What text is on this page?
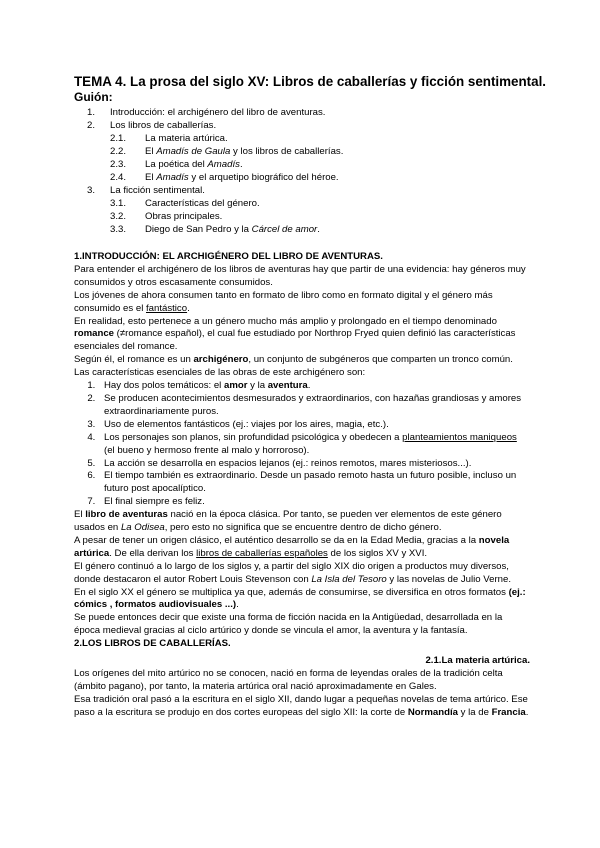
TEMA 4. La prosa del siglo XV: Libros de caballerías y ficción sentimental.
Guión:
1. Introducción: el archigénero del libro de aventuras.
2. Los libros de caballerías.
2.1. La materia artúrica.
2.2. El Amadís de Gaula y los libros de caballerías.
2.3. La poética del Amadís.
2.4. El Amadís y el arquetipo biográfico del héroe.
3. La ficción sentimental.
3.1. Características del género.
3.2. Obras principales.
3.3. Diego de San Pedro y la Cárcel de amor.

1.INTRODUCCIÓN: EL ARCHIGÉNERO DEL LIBRO DE AVENTURAS.

Para entender el archigénero de los libros de aventuras hay que partir de una evidencia: hay géneros muy consumidos y otros escasamente consumidos.

Los jóvenes de ahora consumen tanto en formato de libro como en formato digital y el género más consumido es el fantástico.

En realidad, esto pertenece a un género mucho más amplio y prolongado en el tiempo denominado romance (≠romance español), el cual fue estudiado por Northrop Fryed quien definió las características esenciales del romance.

Según él, el romance es un archigénero, un conjunto de subgéneros que comparten un tronco común. Las características esenciales de las obras de este archigénero son:

1. Hay dos polos temáticos: el amor y la aventura.
2. Se producen acontecimientos desmesurados y extraordinarios, con hazañas grandiosas y amores extraordinariamente puros.
3. Uso de elementos fantásticos (ej.: viajes por los aires, magia, etc.).
4. Los personajes son planos, sin profundidad psicológica y obedecen a planteamientos maniqueos (el bueno y hermoso frente al malo y horroroso).
5. La acción se desarrolla en espacios lejanos (ej.: reinos remotos, mares misteriosos...).
6. El tiempo también es extraordinario. Desde un pasado remoto hasta un futuro posible, incluso un futuro post apocalíptico.
7. El final siempre es feliz.

El libro de aventuras nació en la época clásica. Por tanto, se pueden ver elementos de este género usados en La Odisea, pero esto no significa que se encuentre dentro de dicho género.

A pesar de tener un origen clásico, el auténtico desarrollo se da en la Edad Media, gracias a la novela artúrica. De ella derivan los libros de caballerías españoles de los siglos XV y XVI.

El género continuó a lo largo de los siglos y, a partir del siglo XIX dio origen a productos muy diversos, donde destacaron el autor Robert Louis Stevenson con La Isla del Tesoro y las novelas de Julio Verne.

En el siglo XX el género se multiplica ya que, además de consumirse, se diversifica en otros formatos (ej.: cómics , formatos audiovisuales ...).

Se puede entonces decir que existe una forma de ficción nacida en la Antigüedad, desarrollada en la época medieval gracias al ciclo artúrico y donde se vincula el amor, la aventura y la fantasía.

2.LOS LIBROS DE CABALLERÍAS.

2.1.La materia artúrica.

Los orígenes del mito artúrico no se conocen, nació en forma de leyendas orales de la tradición celta (ámbito pagano), por tanto, la materia artúrica oral nació aproximadamente en Gales.

Esa tradición oral pasó a la escritura en el siglo XII, dando lugar a pequeñas novelas de tema artúrico. Ese paso a la escritura se produjo en dos cortes europeas del siglo XII: la corte de Normandía y la de Francia.
